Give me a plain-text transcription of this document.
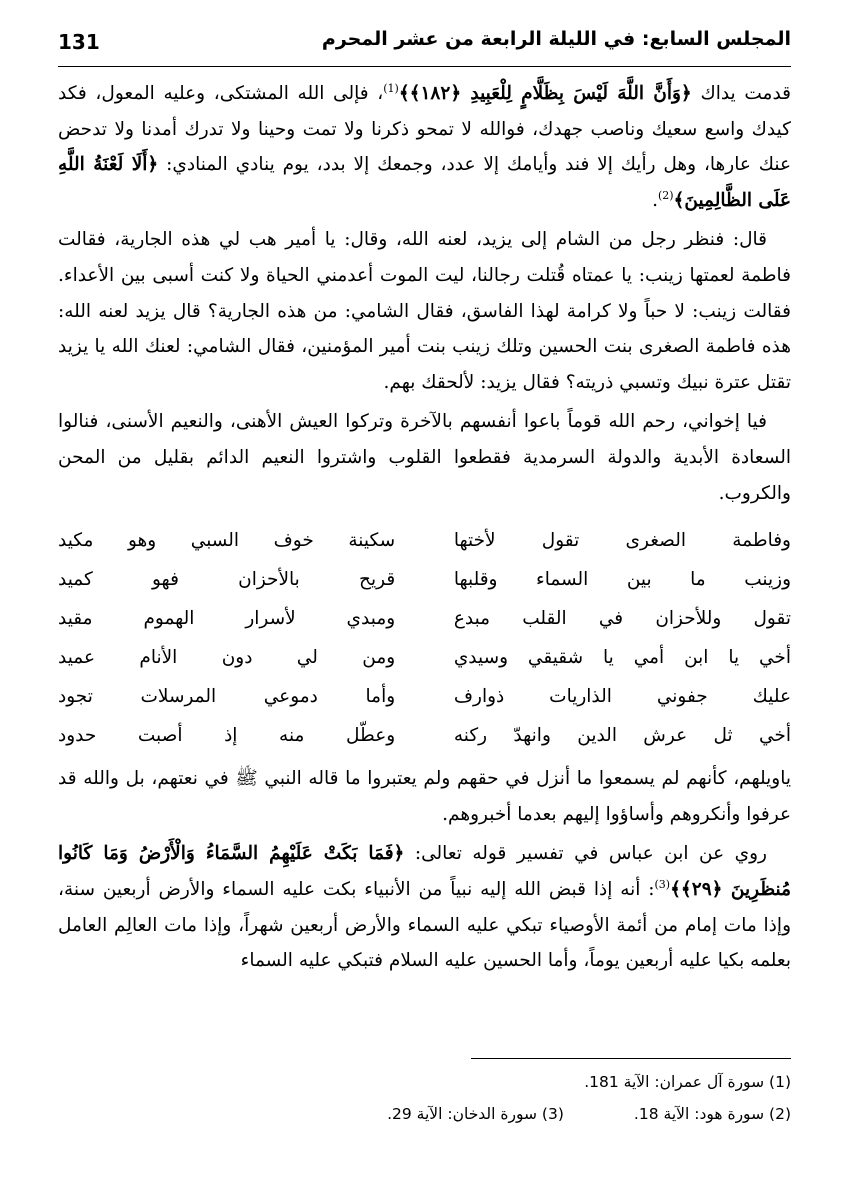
131	المجلس السابع: في الليلة الرابعة من عشر المحرم

قدمت يداك ﴿وَأَنَّ اللَّهَ لَيْسَ بِظَلَّامٍ لِلْعَبِيدِ ﴿١٨٢﴾﴾$^{(1)}$، فإلى الله المشتكى، وعليه المعول، فكد كيدك واسع سعيك وناصب جهدك، فوالله لا تمحو ذكرنا ولا تمت وحينا ولا تدرك أمدنا ولا تدحض عنك عارها، وهل رأيك إلا فند وأيامك إلا عدد، وجمعك إلا بدد، يوم ينادي المنادي: ﴿أَلَا لَعْنَةُ اللَّهِ عَلَى الظَّالِمِينَ﴾$^{(2)}$.

قال: فنظر رجل من الشام إلى يزيد، لعنه الله، وقال: يا أمير هب لي هذه الجارية، فقالت فاطمة لعمتها زينب: يا عمتاه قُتلت رجالنا، ليت الموت أعدمني الحياة ولا كنت أسبى بين الأعداء. فقالت زينب: لا حباً ولا كرامة لهذا الفاسق، فقال الشامي: من هذه الجارية؟ قال يزيد لعنه الله: هذه فاطمة الصغرى بنت الحسين وتلك زينب بنت أمير المؤمنين، فقال الشامي: لعنك الله يا يزيد تقتل عترة نبيك وتسبي ذريته؟ فقال يزيد: لألحقك بهم.

فيا إخواني، رحم الله قوماً باعوا أنفسهم بالآخرة وتركوا العيش الأهنى، والنعيم الأسنى، فنالوا السعادة الأبدية والدولة السرمدية فقطعوا القلوب واشتروا النعيم الدائم بقليل من المحن والكروب.

وفاطمة الصغرى تقول لأختها
سكينة خوف السبي وهو مكيد
وزينب ما بين السماء وقلبها
قريح بالأحزان فهو كميد
تقول وللأحزان في القلب مبدع
ومبدي لأسرار الهموم مقيد
أخي يا ابن أمي يا شقيقي وسيدي
ومن لي دون الأنام عميد
عليك جفوني الذاريات ذوارف
وأما دموعي المرسلات تجود
أخي ثل عرش الدين وانهدّ ركنه
وعطّل منه إذ أصبت حدود

ياويلهم، كأنهم لم يسمعوا ما أنزل في حقهم ولم يعتبروا ما قاله النبي ﷺ في نعتهم، بل والله قد عرفوا وأنكروهم وأساؤوا إليهم بعدما أخبروهم.

روي عن ابن عباس في تفسير قوله تعالى: ﴿فَمَا بَكَتْ عَلَيْهِمُ السَّمَاءُ وَالْأَرْضُ وَمَا كَانُوا مُنظَرِينَ ﴿٢٩﴾﴾$^{(3)}$: أنه إذا قبض الله إليه نبياً من الأنبياء بكت عليه السماء والأرض أربعين سنة، وإذا مات إمام من أئمة الأوصياء تبكي عليه السماء والأرض أربعين شهراً، وإذا مات العالِم العامل بعلمه بكيا عليه أربعين يوماً، وأما الحسين عليه السلام فتبكي عليه السماء

(1) سورة آل عمران: الآية 181.
(2) سورة هود: الآية 18.
(3) سورة الدخان: الآية 29.
